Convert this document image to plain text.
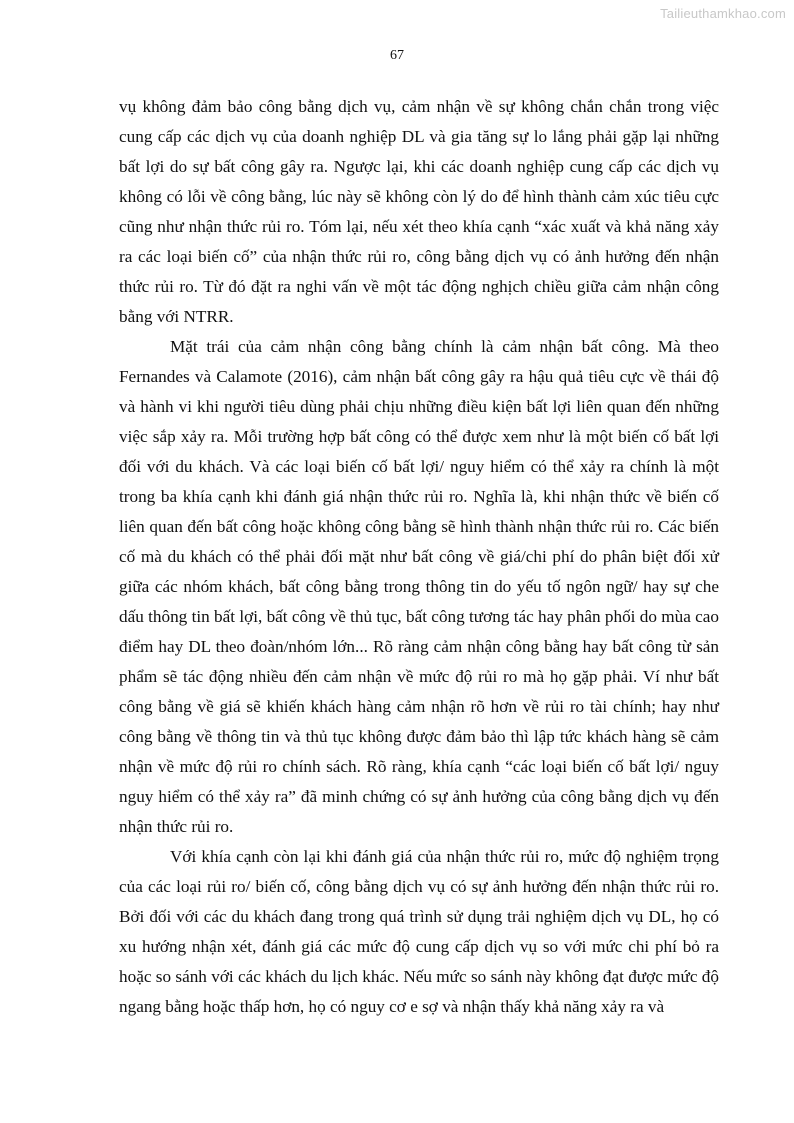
Tailieuthamkhao.com
67

vụ không đảm bảo công bằng dịch vụ, cảm nhận về sự không chắn chắn trong việc cung cấp các dịch vụ của doanh nghiệp DL và gia tăng sự lo lắng phải gặp lại những bất lợi do sự bất công gây ra. Ngược lại, khi các doanh nghiệp cung cấp các dịch vụ không có lỗi về công bằng, lúc này sẽ không còn lý do để hình thành cảm xúc tiêu cực cũng như nhận thức rủi ro. Tóm lại, nếu xét theo khía cạnh “xác xuất và khả năng xảy ra các loại biến cố” của nhận thức rủi ro, công bằng dịch vụ có ảnh hưởng đến nhận thức rủi ro. Từ đó đặt ra nghi vấn về một tác động nghịch chiều giữa cảm nhận công bằng với NTRR.

Mặt trái của cảm nhận công bằng chính là cảm nhận bất công. Mà theo Fernandes và Calamote (2016), cảm nhận bất công gây ra hậu quả tiêu cực về thái độ và hành vi khi người tiêu dùng phải chịu những điều kiện bất lợi liên quan đến những việc sắp xảy ra. Mỗi trường hợp bất công có thể được xem như là một biến cố bất lợi đối với du khách. Và các loại biến cố bất lợi/ nguy hiểm có thể xảy ra chính là một trong ba khía cạnh khi đánh giá nhận thức rủi ro. Nghĩa là, khi nhận thức về biến cố liên quan đến bất công hoặc không công bằng sẽ hình thành nhận thức rủi ro. Các biến cố mà du khách có thể phải đối mặt như bất công về giá/chi phí do phân biệt đối xử giữa các nhóm khách, bất công bằng trong thông tin do yếu tố ngôn ngữ/ hay sự che dấu thông tin bất lợi, bất công về thủ tục, bất công tương tác hay phân phối do mùa cao điểm hay DL theo đoàn/nhóm lớn... Rõ ràng cảm nhận công bằng hay bất công từ sản phẩm sẽ tác động nhiều đến cảm nhận về mức độ rủi ro mà họ gặp phải. Ví như bất công bằng về giá sẽ khiến khách hàng cảm nhận rõ hơn về rủi ro tài chính; hay như công bằng về thông tin và thủ tục không được đảm bảo thì lập tức khách hàng sẽ cảm nhận về mức độ rủi ro chính sách. Rõ ràng, khía cạnh “các loại biến cố bất lợi/ nguy nguy hiểm có thể xảy ra” đã minh chứng có sự ảnh hưởng của công bằng dịch vụ đến nhận thức rủi ro.

Với khía cạnh còn lại khi đánh giá của nhận thức rủi ro, mức độ nghiệm trọng của các loại rủi ro/ biến cố, công bằng dịch vụ có sự ảnh hưởng đến nhận thức rủi ro. Bởi đối với các du khách đang trong quá trình sử dụng trải nghiệm dịch vụ DL, họ có xu hướng nhận xét, đánh giá các mức độ cung cấp dịch vụ so với mức chi phí bỏ ra hoặc so sánh với các khách du lịch khác. Nếu mức so sánh này không đạt được mức độ ngang bằng hoặc thấp hơn, họ có nguy cơ e sợ và nhận thấy khả năng xảy ra và
